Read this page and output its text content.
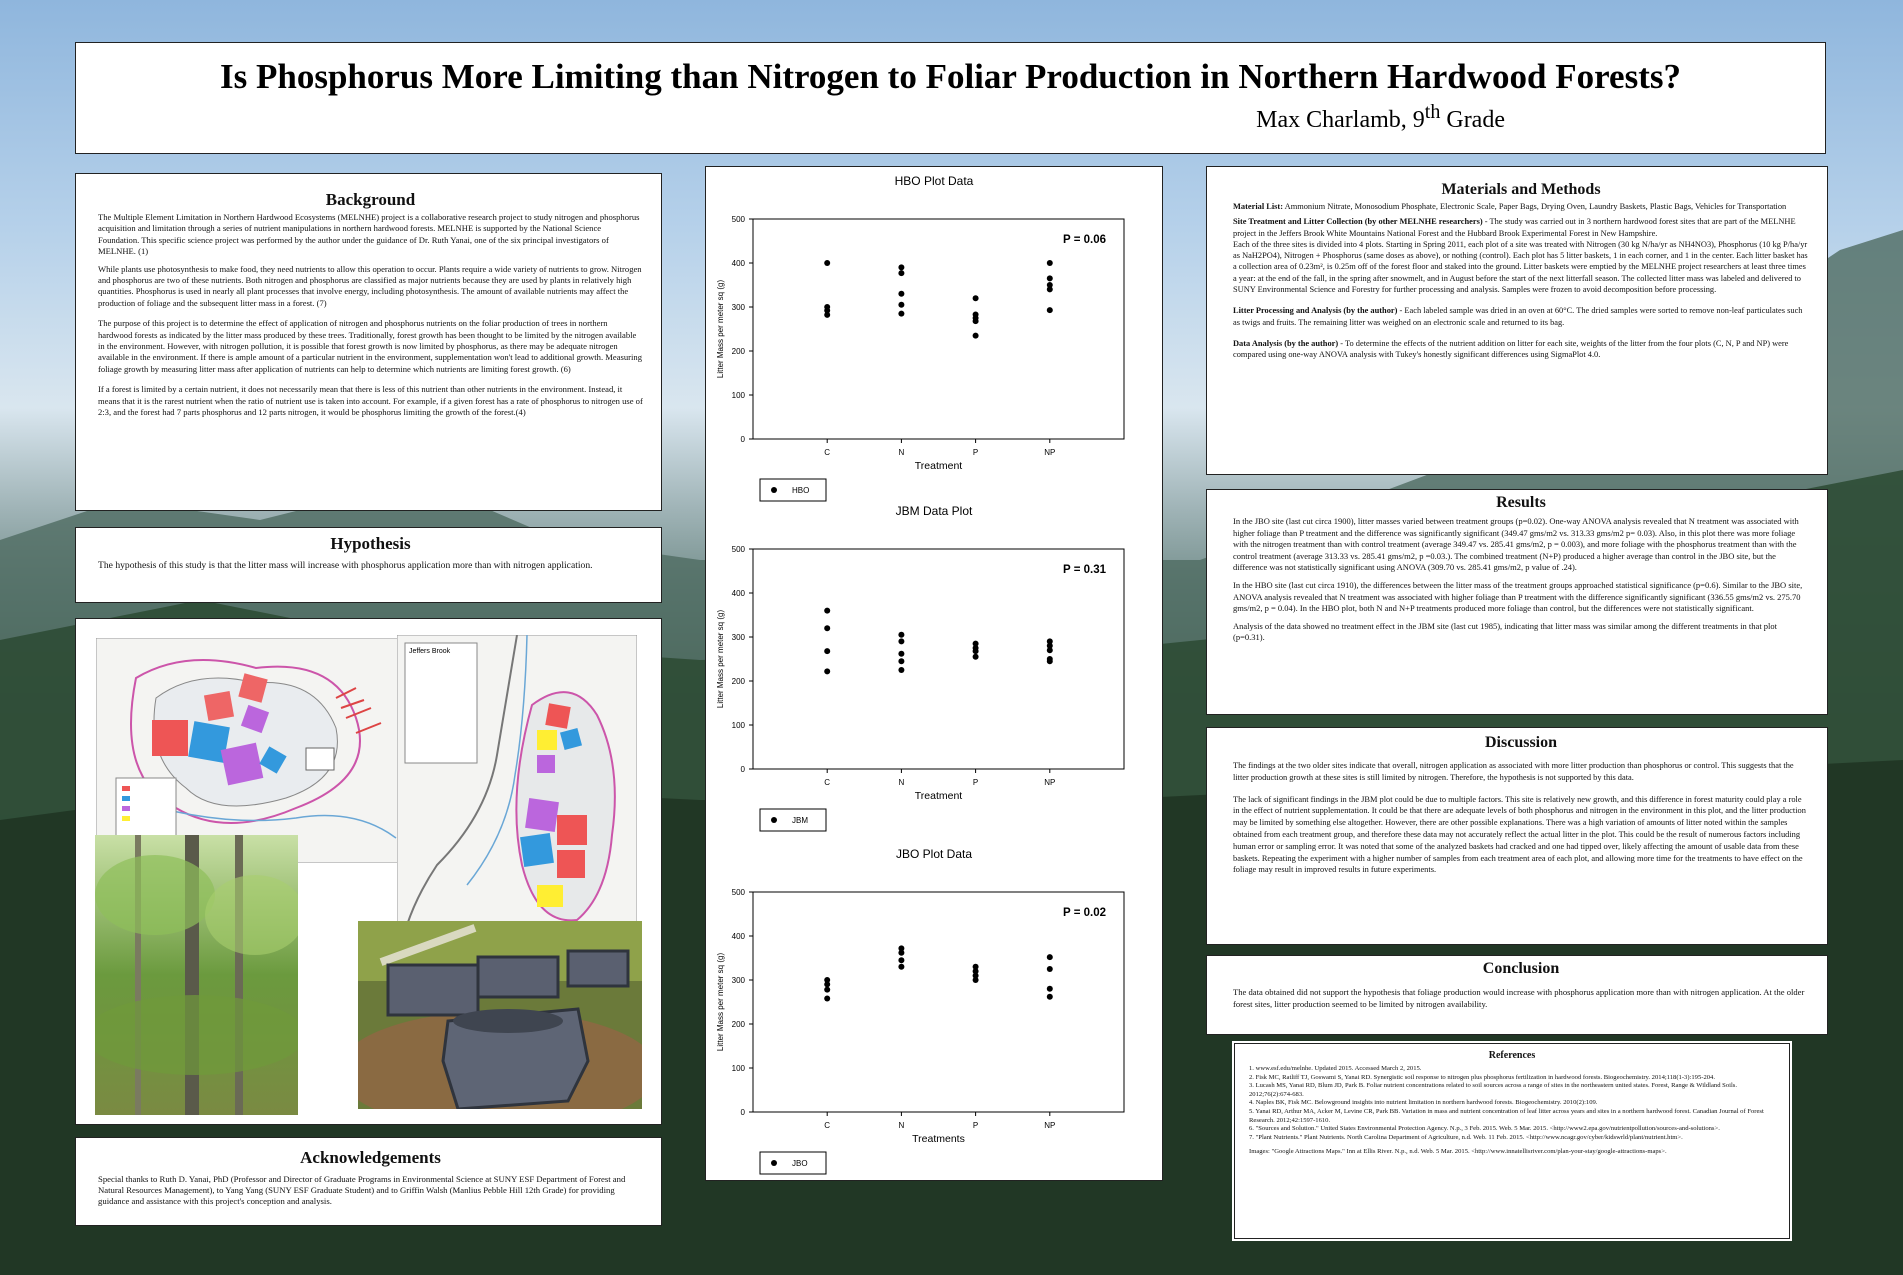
Is Phosphorus More Limiting than Nitrogen to Foliar Production in Northern Hardwood Forests?
Max Charlamb, 9th Grade
Background

The Multiple Element Limitation in Northern Hardwood Ecosystems (MELNHE) project is a collaborative research project to study nitrogen and phosphorus acquisition and limitation through a series of nutrient manipulations in northern hardwood forests. MELNHE is supported by the National Science Foundation. This specific science project was performed by the author under the guidance of Dr. Ruth Yanai, one of the six principal investigators of MELNHE. (1)

While plants use photosynthesis to make food, they need nutrients to allow this operation to occur. Plants require a wide variety of nutrients to grow. Nitrogen and phosphorus are two of these nutrients. Both nitrogen and phosphorus are classified as major nutrients because they are used by plants in relatively high quantities. Phosphorus is used in nearly all plant processes that involve energy, including photosynthesis. The amount of available nutrients may affect the production of foliage and the subsequent litter mass in a forest. (7)

The purpose of this project is to determine the effect of application of nitrogen and phosphorus nutrients on the foliar production of trees in northern hardwood forests as indicated by the litter mass produced by these trees. Traditionally, forest growth has been thought to be limited by the nitrogen available in the environment. However, with nitrogen pollution, it is possible that forest growth is now limited by phosphorus, as there may be adequate nitrogen available in the environment. If there is ample amount of a particular nutrient in the environment, supplementation won't lead to additional growth. Measuring foliage growth by measuring litter mass after application of nutrients can help to determine which nutrients are limiting forest growth. (6)

If a forest is limited by a certain nutrient, it does not necessarily mean that there is less of this nutrient than other nutrients in the environment. Instead, it means that it is the rarest nutrient when the ratio of nutrient use is taken into account. For example, if a given forest has a rate of phosphorus to nitrogen use of 2:3, and the forest had 7 parts phosphorus and 12 parts nitrogen, it would be phosphorus limiting the growth of the forest.(4)

Hypothesis
The hypothesis of this study is that the litter mass will increase with phosphorus application more than with nitrogen application.
Jeffers Brook
Acknowledgements
Special thanks to Ruth D. Yanai, PhD (Professor and Director of Graduate Programs in Environmental Science at SUNY ESF Department of Forest and Natural Resources Management), to Yang Yang (SUNY ESF Graduate Student) and to Griffin Walsh (Manlius Pebble Hill 12th Grade) for providing guidance and assistance with this project's conception and analysis.
HBO Plot Data
0
100
200
300
400
500
C	N	P	NP
Treatment
Litter Mass per meter sq (g)
P = 0.06
HBO
JBM Data Plot
0
100
200
300
400
500
C	N	P	NP
Treatment
Litter Mass per meter sq (g)
P = 0.31
JBM
JBO Plot Data
0
100
200
300
400
500
C	N	P	NP
Treatments
Litter Mass per meter sq (g)
P = 0.02
JBO
Materials and Methods

Material List: Ammonium Nitrate, Monosodium Phosphate, Electronic Scale, Paper Bags, Drying Oven, Laundry Baskets, Plastic Bags, Vehicles for Transportation

Site Treatment and Litter Collection (by other MELNHE researchers) - The study was carried out in 3 northern hardwood forest sites that are part of the MELNHE project in the Jeffers Brook White Mountains National Forest and the Hubbard Brook Experimental Forest in New Hampshire.

Each of the three sites is divided into 4 plots. Starting in Spring 2011, each plot of a site was treated with Nitrogen (30 kg N/ha/yr as NH4NO3), Phosphorus (10 kg P/ha/yr as NaH2PO4), Nitrogen + Phosphorus (same doses as above), or nothing (control). Each plot has 5 litter baskets, 1 in each corner, and 1 in the center. Each litter basket has a collection area of 0.23m², is 0.25m off of the forest floor and staked into the ground. Litter baskets were emptied by the MELNHE project researchers at least three times a year: at the end of the fall, in the spring after snowmelt, and in August before the start of the next litterfall season. The collected litter mass was labeled and delivered to SUNY Environmental Science and Forestry for further processing and analysis. Samples were frozen to avoid decomposition before processing.

Litter Processing and Analysis (by the author) - Each labeled sample was dried in an oven at 60°C. The dried samples were sorted to remove non-leaf particulates such as twigs and fruits. The remaining litter was weighed on an electronic scale and returned to its bag.

Data Analysis (by the author) - To determine the effects of the nutrient addition on litter for each site, weights of the litter from the four plots (C, N, P and NP) were compared using one-way ANOVA analysis with Tukey's honestly significant differences using SigmaPlot 4.0.

Results

In the JBO site (last cut circa 1900), litter masses varied between treatment groups (p=0.02). One-way ANOVA analysis revealed that N treatment was associated with higher foliage than P treatment and the difference was significantly significant (349.47 gms/m2 vs. 313.33 gms/m2 p= 0.03). Also, in this plot there was more foliage with the nitrogen treatment than with control treatment (average 349.47 vs. 285.41 gms/m2, p = 0.003), and more foliage with the phosphorus treatment than with the control treatment (average 313.33 vs. 285.41 gms/m2, p =0.03.). The combined treatment (N+P) produced a higher average than control in the JBO site, but the difference was not statistically significant using ANOVA (309.70 vs. 285.41 gms/m2, p value of .24).

In the HBO site (last cut circa 1910), the differences between the litter mass of the treatment groups approached statistical significance (p=0.6). Similar to the JBO site, ANOVA analysis revealed that N treatment was associated with higher foliage than P treatment with the difference significantly significant (336.55 gms/m2 vs. 275.70 gms/m2, p = 0.04). In the HBO plot, both N and N+P treatments produced more foliage than control, but the differences were not statistically significant.

Analysis of the data showed no treatment effect in the JBM site (last cut 1985), indicating that litter mass was similar among the different treatments in that plot (p=0.31).

Discussion

The findings at the two older sites indicate that overall, nitrogen application as associated with more litter production than phosphorus or control. This suggests that the litter production growth at these sites is still limited by nitrogen. Therefore, the hypothesis is not supported by this data.

The lack of significant findings in the JBM plot could be due to multiple factors. This site is relatively new growth, and this difference in forest maturity could play a role in the effect of nutrient supplementation. It could be that there are adequate levels of both phosphorus and nitrogen in the environment in this plot, and the litter production may be limited by something else altogether. However, there are other possible explanations. There was a high variation of amounts of litter noted within the samples obtained from each treatment group, and therefore these data may not accurately reflect the actual litter in the plot. This could be the result of numerous factors including human error or sampling error. It was noted that some of the analyzed baskets had cracked and one had tipped over, likely affecting the amount of usable data from these baskets. Repeating the experiment with a higher number of samples from each treatment area of each plot, and allowing more time for the treatments to have effect on the foliage may result in improved results in future experiments.

Conclusion
The data obtained did not support the hypothesis that foliage production would increase with phosphorus application more than with nitrogen application. At the older forest sites, litter production seemed to be limited by nitrogen availability.
References

1. www.esf.edu/melnhe. Updated 2015. Accessed March 2, 2015.

2. Fisk MC, Ratliff TJ, Goswami S, Yanai RD. Synergistic soil response to nitrogen plus phosphorus fertilization in hardwood forests. Biogeochemistry. 2014;118(1-3):195-204.

3. Lucash MS, Yanai RD, Blum JD, Park B. Foliar nutrient concentrations related to soil sources across a range of sites in the northeastern united states. Forest, Range & Wildland Soils. 2012;76(2):674-683.

4. Naples BK, Fisk MC. Belowground insights into nutrient limitation in northern hardwood forests. Biogeochemistry. 2010(2):109.

5. Yanai RD, Arthur MA, Acker M, Levine CR, Park BB. Variation in mass and nutrient concentration of leaf litter across years and sites in a northern hardwood forest. Canadian Journal of Forest Research. 2012;42:1597-1610.

6. "Sources and Solution." United States Environmental Protection Agency. N.p., 3 Feb. 2015. Web. 5 Mar. 2015. <http://www2.epa.gov/nutrientpollution/sources-and-solutions>.

7. "Plant Nutrients." Plant Nutrients. North Carolina Department of Agriculture, n.d. Web. 11 Feb. 2015. <http://www.ncagr.gov/cyber/kidswrld/plant/nutrient.htm>.

Images: "Google Attractions Maps." Inn at Ellis River. N.p., n.d. Web. 5 Mar. 2015. <http://www.innatellisriver.com/plan-your-stay/google-attractions-maps>.
